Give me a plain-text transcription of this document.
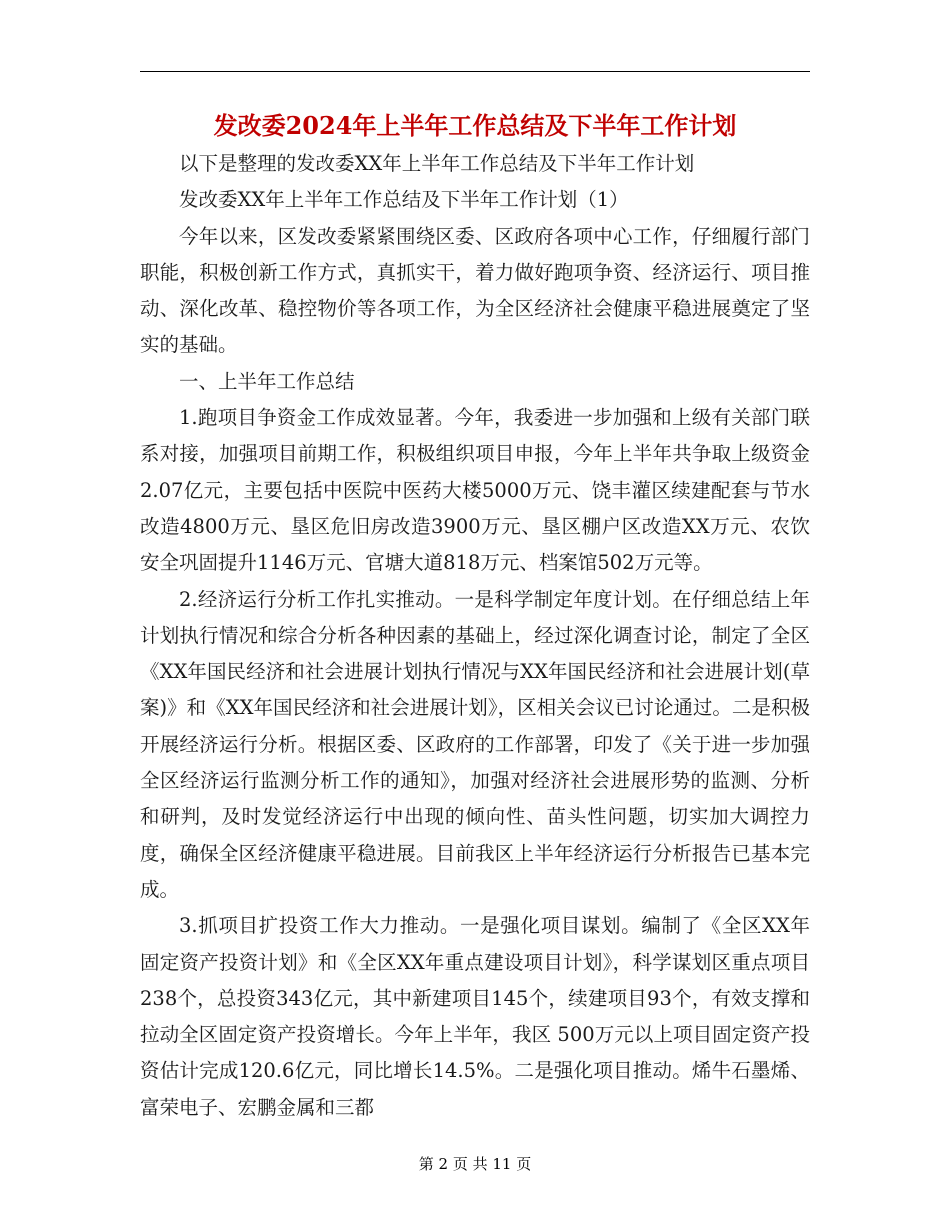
发改委2024年上半年工作总结及下半年工作计划

以下是整理的发改委XX年上半年工作总结及下半年工作计划

发改委XX年上半年工作总结及下半年工作计划（1）

今年以来，区发改委紧紧围绕区委、区政府各项中心工作，仔细履行部门职能，积极创新工作方式，真抓实干，着力做好跑项争资、经济运行、项目推动、深化改革、稳控物价等各项工作，为全区经济社会健康平稳进展奠定了坚实的基础。

一、上半年工作总结

1.跑项目争资金工作成效显著。今年，我委进一步加强和上级有关部门联系对接，加强项目前期工作，积极组织项目申报，今年上半年共争取上级资金2.07亿元，主要包括中医院中医药大楼5000万元、饶丰灌区续建配套与节水改造4800万元、垦区危旧房改造3900万元、垦区棚户区改造XX万元、农饮安全巩固提升1146万元、官塘大道818万元、档案馆502万元等。

2.经济运行分析工作扎实推动。一是科学制定年度计划。在仔细总结上年计划执行情况和综合分析各种因素的基础上，经过深化调查讨论，制定了全区《XX年国民经济和社会进展计划执行情况与XX年国民经济和社会进展计划(草案)》和《XX年国民经济和社会进展计划》，区相关会议已讨论通过。二是积极开展经济运行分析。根据区委、区政府的工作部署，印发了《关于进一步加强全区经济运行监测分析工作的通知》，加强对经济社会进展形势的监测、分析和研判，及时发觉经济运行中出现的倾向性、苗头性问题，切实加大调控力度，确保全区经济健康平稳进展。目前我区上半年经济运行分析报告已基本完成。

3.抓项目扩投资工作大力推动。一是强化项目谋划。编制了《全区XX年固定资产投资计划》和《全区XX年重点建设项目计划》，科学谋划区重点项目238个，总投资343亿元，其中新建项目145个，续建项目93个，有效支撑和拉动全区固定资产投资增长。今年上半年，我区 500万元以上项目固定资产投资估计完成120.6亿元，同比增长14.5%。二是强化项目推动。烯牛石墨烯、富荣电子、宏鹏金属和三都

第 2 页 共 11 页
